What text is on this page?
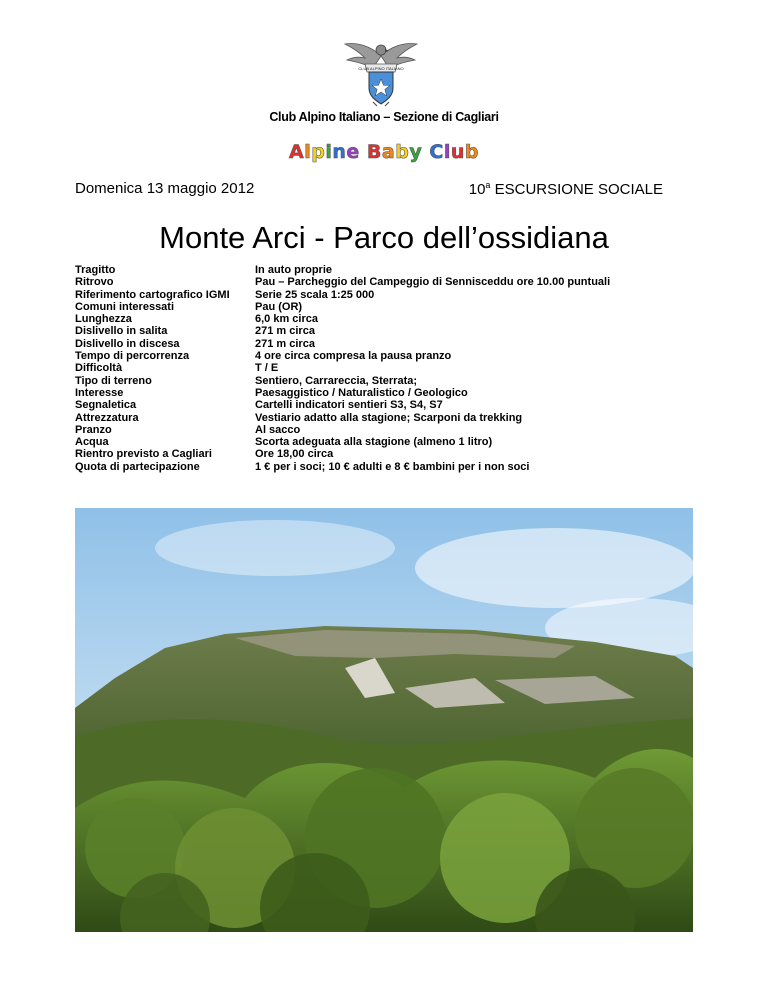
CLUB ALPINO ITALIANO
Club Alpino Italiano – Sezione di Cagliari
Alpine Baby Club
Domenica 13 maggio 2012	10$^a$ ESCURSIONE SOCIALE
Monte Arci - Parco dell’ossidiana
Tragitto	In auto proprie
Ritrovo	Pau – Parcheggio del Campeggio di Sennisceddu ore 10.00 puntuali
Riferimento cartografico IGMI	Serie 25 scala 1:25 000
Comuni interessati	Pau (OR)
Lunghezza	6,0 km circa
Dislivello in salita	271 m circa
Dislivello in discesa	271 m circa
Tempo di percorrenza	4 ore circa compresa la pausa pranzo
Difficoltà	T / E
Tipo di terreno	Sentiero, Carrareccia, Sterrata;
Interesse	Paesaggistico / Naturalistico / Geologico
Segnaletica	Cartelli indicatori sentieri S3, S4, S7
Attrezzatura	Vestiario adatto alla stagione; Scarponi da trekking
Pranzo	Al sacco
Acqua	Scorta adeguata alla stagione (almeno 1 litro)
Rientro previsto a Cagliari	Ore 18,00 circa
Quota di partecipazione	1 € per i soci; 10 € adulti e 8 € bambini per i non soci
